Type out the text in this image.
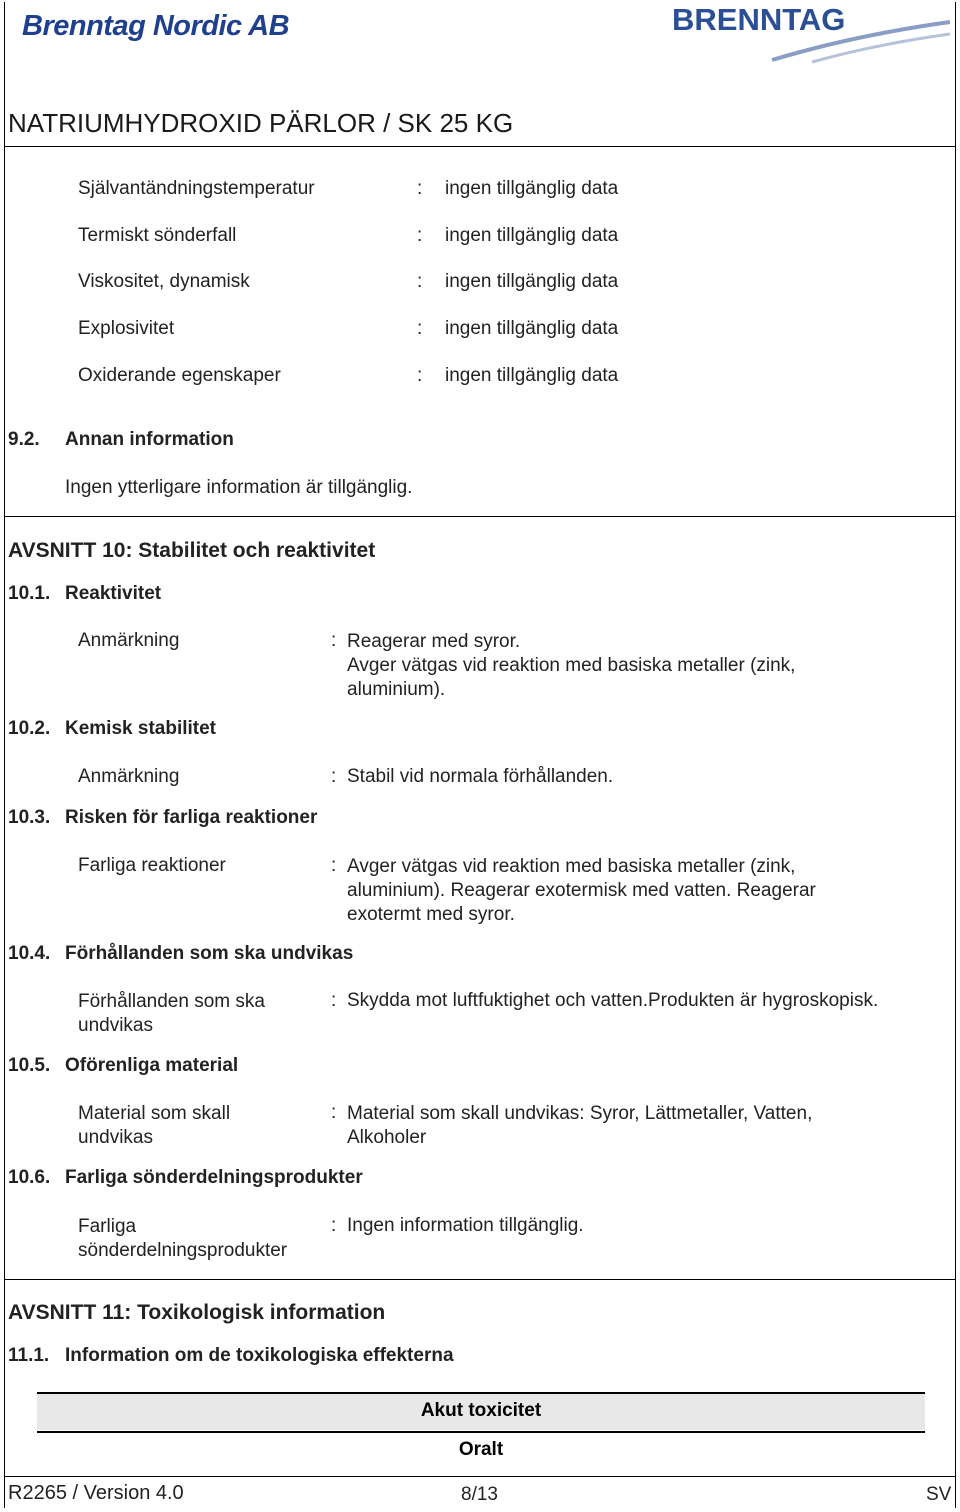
Brenntag Nordic AB	BRENNTAG
NATRIUMHYDROXID PÄRLOR / SK 25 KG
Självantändningstemperatur	: ingen tillgänglig data
Termiskt sönderfall	: ingen tillgänglig data
Viskositet, dynamisk	: ingen tillgänglig data
Explosivitet	: ingen tillgänglig data
Oxiderande egenskaper	: ingen tillgänglig data
9.2. Annan information
Ingen ytterligare information är tillgänglig.
AVSNITT 10: Stabilitet och reaktivitet
10.1. Reaktivitet
Anmärkning	: Reagerar med syror.
Avger vätgas vid reaktion med basiska metaller (zink,
aluminium).
10.2. Kemisk stabilitet
Anmärkning	: Stabil vid normala förhållanden.
10.3. Risken för farliga reaktioner
Farliga reaktioner	: Avger vätgas vid reaktion med basiska metaller (zink,
aluminium). Reagerar exotermisk med vatten. Reagerar
exotermt med syror.
10.4. Förhållanden som ska undvikas
Förhållanden som ska
undvikas
: Skydda mot luftfuktighet och vatten.Produkten är hygroskopisk.
10.5. Oförenliga material
Material som skall
undvikas
: Material som skall undvikas: Syror, Lättmetaller, Vatten,
Alkoholer
10.6. Farliga sönderdelningsprodukter
Farliga
sönderdelningsprodukter
: Ingen information tillgänglig.
AVSNITT 11: Toxikologisk information
11.1. Information om de toxikologiska effekterna
Akut toxicitet
Oralt
R2265 / Version 4.0	8/13	SV
